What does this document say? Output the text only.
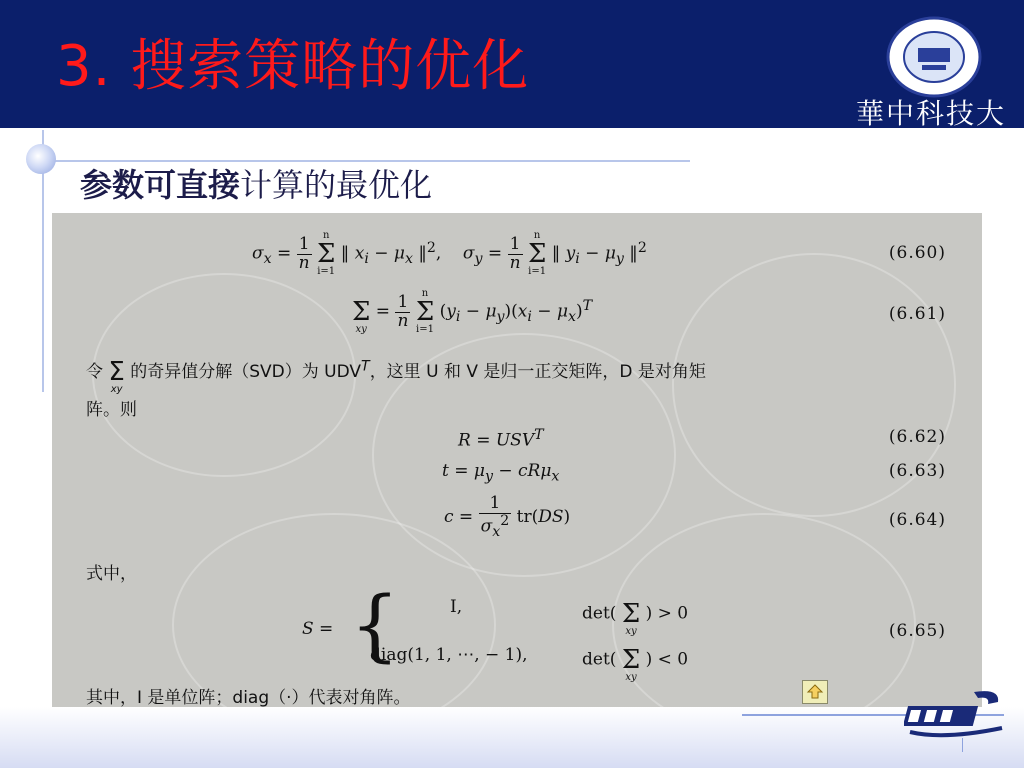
3. 搜索策略的优化
華中科技大學
参数可直接计算的最优化
$\sigma_x = \frac{1}{n}$
n
Σ
i=1 ‖ $x_i - \mu_x$ ‖$^2$,    $\sigma_y = \frac{1}{n}$
n
Σ
i=1 ‖ $y_i - \mu_y$ ‖$^2$	(6.60)

Σ
xy = $\frac{1}{n}$
n
Σ
i=1 $(y_i - \mu_y)(x_i - \mu_x)^T$	(6.61)
令 Σ
xy 的奇异值分解（SVD）为 $UDV^T$，这里 U 和 V 是归一正交矩阵，D 是对角矩
阵。则
$R = USV^T$	(6.62)
$t = \mu_y - cR\mu_x$	(6.63)
$c = \frac{1}{\sigma_x^2} tr(DS)$	(6.64)
式中，
S = {	I,	det( Σ
xy ) > 0
diag(1, 1, ⋯, − 1),	det( Σ
xy ) < 0
(6.65)
其中，I 是单位阵；diag（·）代表对角阵。
